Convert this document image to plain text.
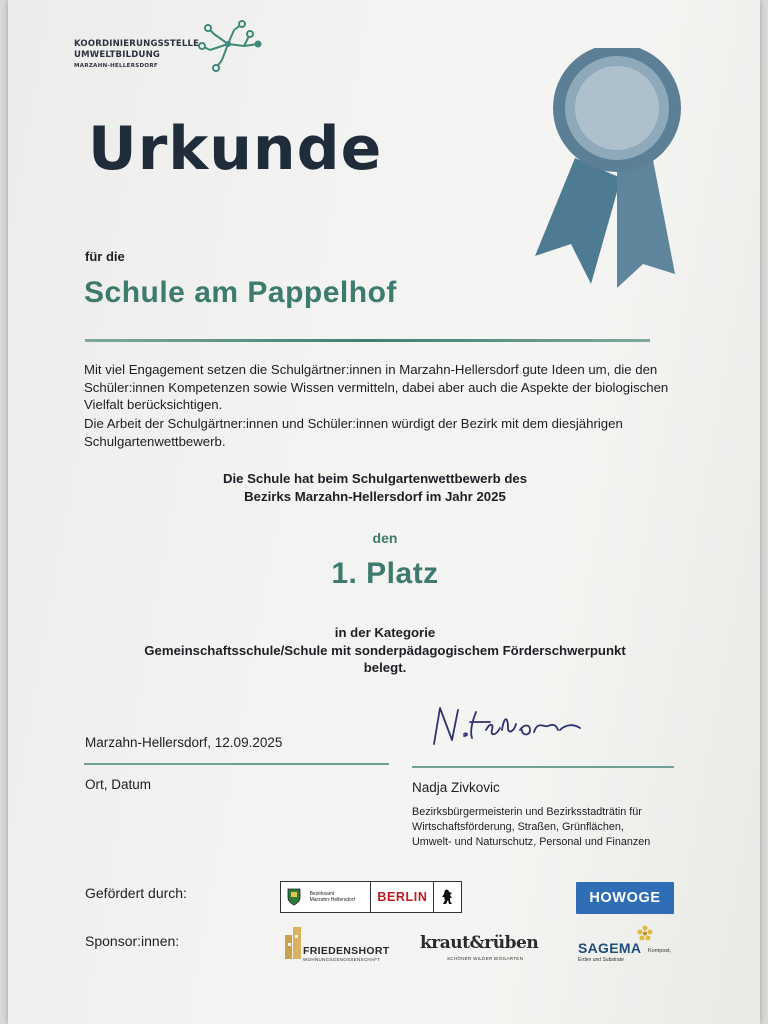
KOORDINIERUNGSSTELLE
UMWELTBILDUNG
MARZAHN-HELLERSDORF
Urkunde
für die
Schule am Pappelhof
Mit viel Engagement setzen die Schulgärtner:innen in Marzahn-Hellersdorf gute Ideen um, die den Schüler:innen Kompetenzen sowie Wissen vermitteln, dabei aber auch die Aspekte der biologischen Vielfalt berücksichtigen.
Die Arbeit der Schulgärtner:innen und Schüler:innen würdigt der Bezirk mit dem diesjährigen Schulgartenwettbewerb.
Die Schule hat beim Schulgartenwettbewerb des
Bezirks Marzahn-Hellersdorf im Jahr 2025
den
1. Platz
in der Kategorie
Gemeinschaftsschule/Schule mit sonderpädagogischem Förderschwerpunkt
belegt.
Marzahn-Hellersdorf, 12.09.2025
Ort, Datum	Nadja Zivkovic
Bezirksbürgermeisterin und Bezirksstadträtin für
Wirtschaftsförderung, Straßen, Grünflächen,
Umwelt- und Naturschutz, Personal und Finanzen
Gefördert durch:
Sponsor:innen:
Bezirksamt
Marzahn-Hellersdorf	BERLIN	HOWOGE
FRIEDENSHORT
WOHNUNGSGENOSSENSCHAFT
kraut&rüben
SCHÖNER WILDER BIOGARTEN
SAGEMA Kompost,
Erden und Substrate
